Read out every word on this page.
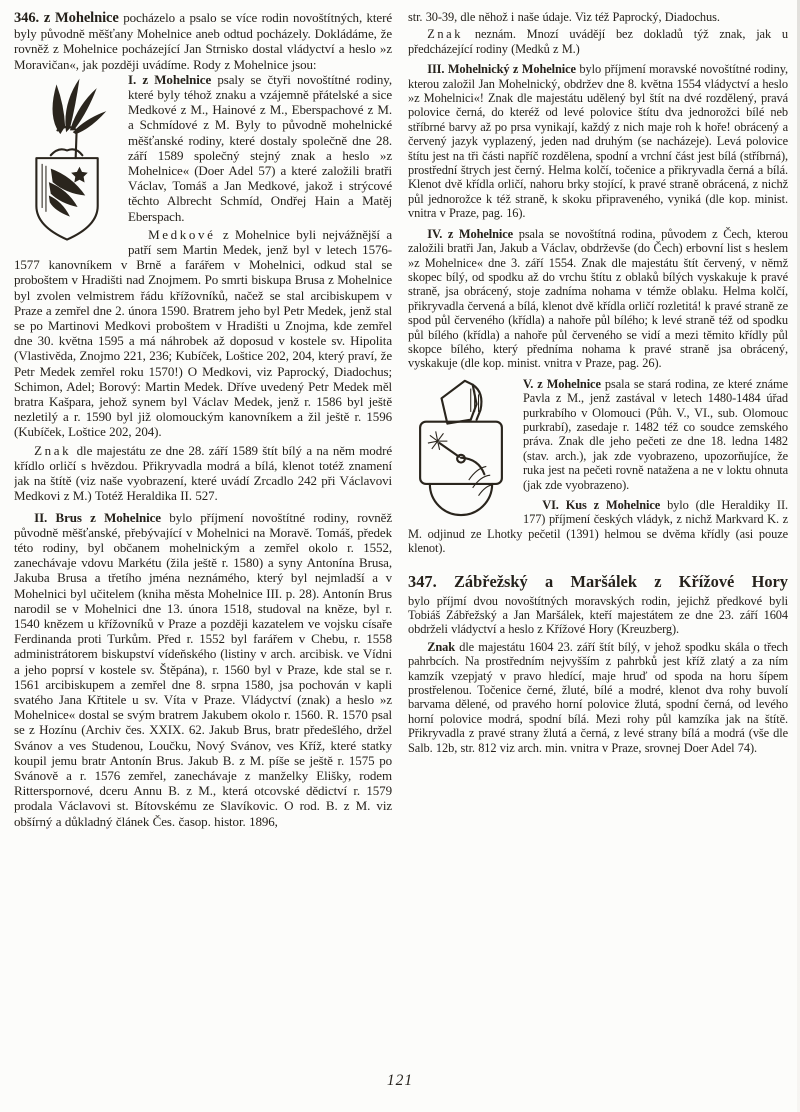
346. z Mohelnice pocházelo a psalo se více rodin novoštítných, které byly původně měšťany Mohelnice aneb odtud pocházely. Dokládáme, že rovněž z Mohelnice pocházející Jan Strnisko dostal vládyctví a heslo »z Moravičan«, jak později uvádíme. Rody z Mohelnice jsou:

I. z Mohelnice psaly se čtyři novoštítné rodiny, které byly téhož znaku a vzájemně přátelské a sice Medkové z M., Hainové z M., Eberspachové z M. a Schmídové z M. Byly to původně mohelnické měšťanské rodiny, které dostaly společně dne 28. září 1589 společný stejný znak a heslo »z Mohelnice« (Doer Adel 57) a které založili bratři Václav, Tomáš a Jan Medkové, jakož i strýcové těchto Albrecht Schmíd, Ondřej Hain a Matěj Eberspach.

Medkové z Mohelnice byli nejvážnější a patří sem Martin Medek, jenž byl v letech 1576-1577 kanovníkem v Brně a farářem v Mohelnici, odkud stal se proboštem v Hradišti nad Znojmem. Po smrti biskupa Brusa z Mohelnice byl zvolen velmistrem řádu křížovníků, načež se stal arcibiskupem v Praze a zemřel dne 2. února 1590. Bratrem jeho byl Petr Medek, jenž stal se po Martinovi Medkovi proboštem v Hradišti u Znojma, kde zemřel dne 30. května 1595 a má náhrobek až doposud v kostele sv. Hipolita (Vlastivěda, Znojmo 221, 236; Kubíček, Loštice 202, 204, který praví, že Petr Medek zemřel roku 1570!) O Medkovi, viz Paprocký, Diadochus; Schimon, Adel; Borový: Martin Medek. Dříve uvedený Petr Medek měl bratra Kašpara, jehož synem byl Václav Medek, jenž r. 1586 byl ještě nezletilý a r. 1590 byl již olomouckým kanovníkem a žil ještě r. 1596 (Kubíček, Loštice 202, 204).

Znak dle majestátu ze dne 28. září 1589 štít bílý a na něm modré křídlo orličí s hvězdou. Přikryvadla modrá a bílá, klenot totéž znamení jak na štítě (viz naše vyobrazení, které uvádí Zrcadlo 242 při Václavovi Medkovi z M.) Totéž Heraldika II. 527.

II. Brus z Mohelnice bylo příjmení novoštítné rodiny, rovněž původně měšťanské, přebývající v Mohelnici na Moravě. Tomáš, předek této rodiny, byl občanem mohelnickým a zemřel okolo r. 1552, zanechávaje vdovu Markétu (žila ještě r. 1580) a syny Antonína Brusa, Jakuba Brusa a třetího jména neznámého, který byl nejmladší a v Mohelnici byl učitelem (kniha města Mohelnice III. p. 28). Antonín Brus narodil se v Mohelnici dne 13. února 1518, studoval na kněze, byl r. 1540 knězem u křížovníků v Praze a později kazatelem ve vojsku císaře Ferdinanda proti Turkům. Před r. 1552 byl farářem v Chebu, r. 1558 administrátorem biskupství vídeňského (listiny v arch. arcibisk. ve Vídni a jeho poprsí v kostele sv. Štěpána), r. 1560 byl v Praze, kde stal se r. 1561 arcibiskupem a zemřel dne 8. srpna 1580, jsa pochován v kapli svatého Jana Křtitele u sv. Víta v Praze. Vládyctví (znak) a heslo »z Mohelnice« dostal se svým bratrem Jakubem okolo r. 1560. R. 1570 psal se z Hozínu (Archiv čes. XXIX. 62. Jakub Brus, bratr předešlého, držel Svánov a ves Studenou, Loučku, Nový Svánov, ves Kříž, které statky koupil jemu bratr Antonín Brus. Jakub B. z M. píše se ještě r. 1575 po Svánově a r. 1576 zemřel, zanechávaje z manželky Elišky, rodem Ritterspornové, dceru Annu B. z M., která otcovské dědictví r. 1579 prodala Václavovi st. Bítovskému ze Slavíkovic. O rod. B. z M. viz obšírný a důkladný článek Čes. časop. histor. 1896,

str. 30-39, dle něhož i naše údaje. Viz též Paprocký, Diadochus.

Znak neznám. Mnozí uvádějí bez dokladů týž znak, jak u předcházející rodiny (Medků z M.)

III. Mohelnický z Mohelnice bylo příjmení moravské novoštítné rodiny, kterou založil Jan Mohelnický, obdržev dne 8. května 1554 vládyctví a heslo »z Mohelnici«! Znak dle majestátu udělený byl štít na dvé rozdělený, pravá polovice černá, do kteréž od levé polovice štítu dva jednorožci bílé neb stříbrné barvy až po prsa vynikají, každý z nich maje roh k hoře! obrácený a červený jazyk vyplazený, jeden nad druhým (se nacházeje). Levá polovice štítu jest na tři části napříč rozdělena, spodní a vrchní část jest bílá (stříbrná), prostřední štrych jest černý. Helma kolčí, točenice a přikryvadla černá a bílá. Klenot dvě křídla orličí, nahoru brky stojící, k pravé straně obrácená, z nichž půl jednorožce k též straně, k skoku připraveného, vyniká (dle kop. minist. vnitra v Praze, pag. 16).

IV. z Mohelnice psala se novoštítná rodina, původem z Čech, kterou založili bratři Jan, Jakub a Václav, obdrževše (do Čech) erbovní list s heslem »z Mohelnice« dne 3. září 1554. Znak dle majestátu štít červený, v němž skopec bílý, od spodku až do vrchu štítu z oblaků bílých vyskakuje k pravé straně, jsa obrácený, stoje zadníma nohama v témže oblaku. Helma kolčí, přikryvadla červená a bílá, klenot dvě křídla orličí rozletitá! k pravé straně ze spod půl červeného (křídla) a nahoře půl bílého; k levé straně též od spodku půl bílého (křídla) a nahoře půl červeného se vidí a mezi těmito křídly půl skopce bílého, který předníma nohama k pravé straně jsa obrácený, vyskakuje (dle kop. minist. vnitra v Praze, pag. 26).

V. z Mohelnice psala se stará rodina, ze které známe Pavla z M., jenž zastával v letech 1480-1484 úřad purkrabího v Olomouci (Půh. V., VI., sub. Olomouc purkrabí), zasedaje r. 1482 též co soudce zemského práva. Znak dle jeho pečeti ze dne 18. ledna 1482 (stav. arch.), jak zde vyobrazeno, upozorňujíce, že ruka jest na pečeti rovně natažena a ne v loktu ohnuta (jak zde vyobrazeno).

VI. Kus z Mohelnice bylo (dle Heraldiky II. 177) příjmení českých vládyk, z nichž Markvard K. z M. odjinud ze Lhotky pečetil (1391) helmou se dvěma křídly (asi pouze klenot).

347. Zábřežský a Maršálek z Křížové Hory

bylo příjmí dvou novoštítných moravských rodin, jejichž předkové byli Tobiáš Zábřežský a Jan Maršálek, kteří majestátem ze dne 23. září 1604 obdrželi vládyctví a heslo z Křížové Hory (Kreuzberg).

Znak dle majestátu 1604 23. září štít bílý, v jehož spodku skála o třech pahrbcích. Na prostředním nejvyšším z pahrbků jest kříž zlatý a za ním kamzík vzepjatý v pravo hledící, maje hruď od spoda na horu šípem prostřelenou. Točenice černé, žluté, bílé a modré, klenot dva rohy buvolí barvama dělené, od pravého horní polovice žlutá, spodní černá, od levého horní polovice modrá, spodní bílá. Mezi rohy půl kamzíka jak na štítě. Přikryvadla z pravé strany žlutá a černá, z levé strany bílá a modrá (vše dle Salb. 12b, str. 812 viz arch. min. vnitra v Praze, srovnej Doer Adel 74).

121
